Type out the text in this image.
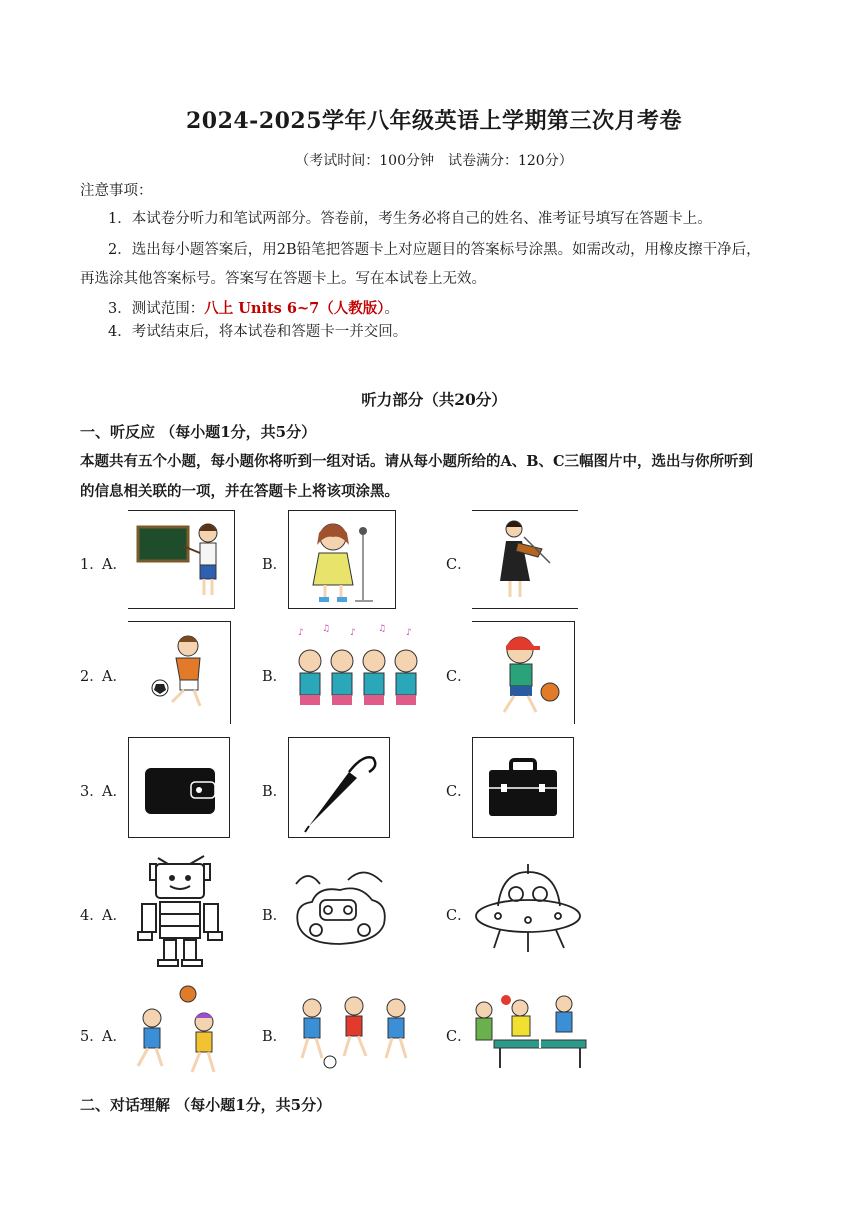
2024-2025学年八年级英语上学期第三次月考卷
（考试时间：100分钟　试卷满分：120分）
注意事项：
1．本试卷分听力和笔试两部分。答卷前，考生务必将自己的姓名、准考证号填写在答题卡上。
2．选出每小题答案后，用2B铅笔把答题卡上对应题目的答案标号涂黑。如需改动，用橡皮擦干净后，
再选涂其他答案标号。答案写在答题卡上。写在本试卷上无效。
3．测试范围：八上 Units 6~7（人教版）。
4．考试结束后，将本试卷和答题卡一并交回。
听力部分（共20分）
一、听反应 （每小题1分，共5分）
本题共有五个小题，每小题你将听到一组对话。请从每小题所给的A、B、C三幅图片中，选出与你所听到
的信息相关联的一项，并在答题卡上将该项涂黑。
1．
A．	B．	C．
2．
A．	B．
♪ ♫ ♪ ♫ ♪
C．
3．
A．	B．	C．
4．
A．	B．	C．
5．
A．	B．	C．
二、对话理解 （每小题1分，共5分）
